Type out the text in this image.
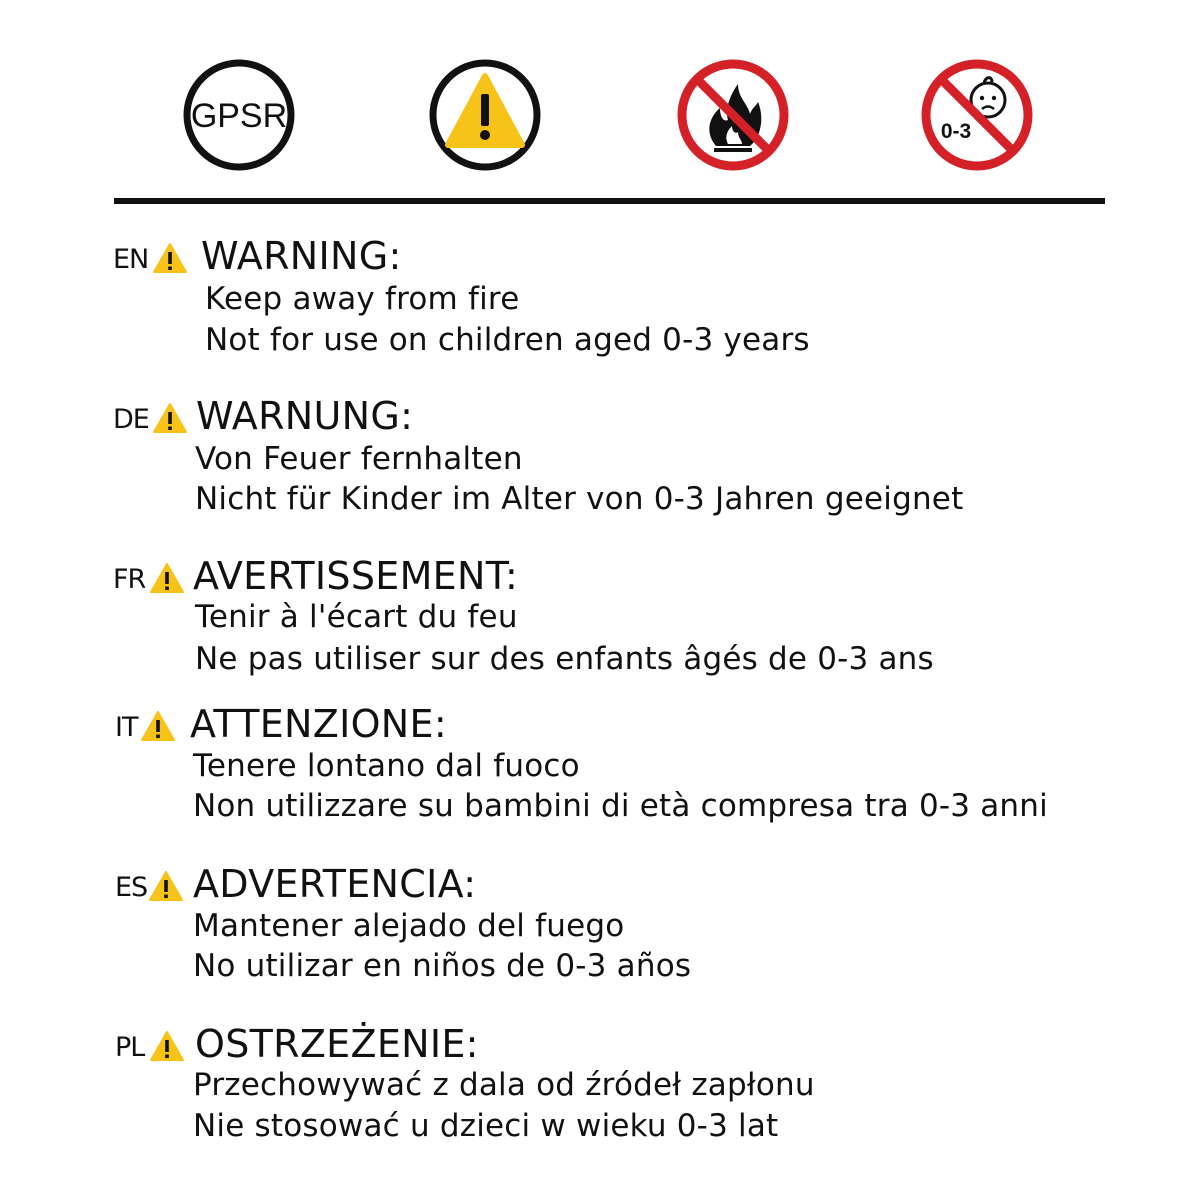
GPSR	0-3
EN WARNING:
Keep away from fire
Not for use on children aged 0-3 years
DE WARNUNG:
Von Feuer fernhalten
Nicht für Kinder im Alter von 0-3 Jahren geeignet
FR AVERTISSEMENT:
Tenir à l'écart du feu
Ne pas utiliser sur des enfants âgés de 0-3 ans
IT ATTENZIONE:
Tenere lontano dal fuoco
Non utilizzare su bambini di età compresa tra 0-3 anni
ES ADVERTENCIA:
Mantener alejado del fuego
No utilizar en niños de 0-3 años
PL OSTRZEŻENIE:
Przechowywać z dala od źródeł zapłonu
Nie stosować u dzieci w wieku 0-3 lat
